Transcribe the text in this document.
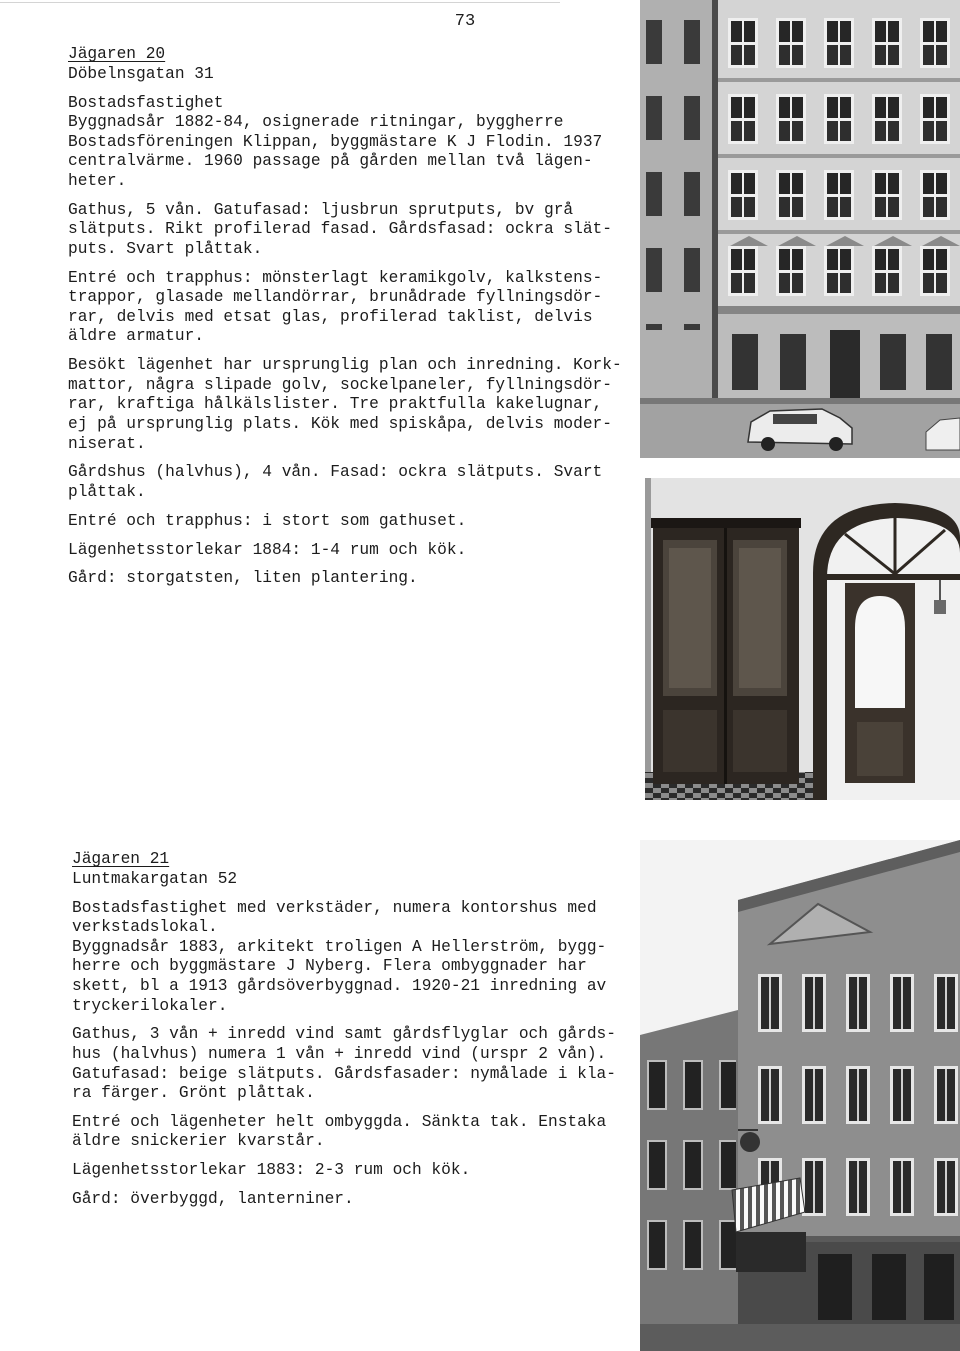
73
Jägaren 20
Döbelnsgatan 31
Bostadsfastighet
Byggnadsår 1882-84, osignerade ritningar, byggherre
Bostadsföreningen Klippan, byggmästare K J Flodin. 1937
centralvärme. 1960 passage på gården mellan två lägen-
heter.
Gathus, 5 vån. Gatufasad: ljusbrun sprutputs, bv grå
slätputs. Rikt profilerad fasad. Gårdsfasad: ockra slät-
puts. Svart plåttak.
Entré och trapphus: mönsterlagt keramikgolv, kalkstens-
trappor, glasade mellandörrar, brunådrade fyllningsdör-
rar, delvis med etsat glas, profilerad taklist, delvis
äldre armatur.
Besökt lägenhet har ursprunglig plan och inredning. Kork-
mattor, några slipade golv, sockelpaneler, fyllningsdör-
rar, kraftiga hålkälslister. Tre praktfulla kakelugnar,
ej på ursprunglig plats. Kök med spiskåpa, delvis moder-
niserat.
Gårdshus (halvhus), 4 vån. Fasad: ockra slätputs. Svart
plåttak.
Entré och trapphus: i stort som gathuset.
Lägenhetsstorlekar 1884: 1-4 rum och kök.
Gård: storgatsten, liten plantering.
Jägaren 21
Luntmakargatan 52
Bostadsfastighet med verkstäder, numera kontorshus med
verkstadslokal.
Byggnadsår 1883, arkitekt troligen A Hellerström, bygg-
herre och byggmästare J Nyberg. Flera ombyggnader har
skett, bl a 1913 gårdsöverbyggnad. 1920-21 inredning av
tryckerilokaler.
Gathus, 3 vån + inredd vind samt gårdsflyglar och gårds-
hus (halvhus) numera 1 vån + inredd vind (urspr 2 vån).
Gatufasad: beige slätputs. Gårdsfasader: nymålade i kla-
ra färger. Grönt plåttak.
Entré och lägenheter helt ombyggda. Sänkta tak. Enstaka
äldre snickerier kvarstår.
Lägenhetsstorlekar 1883: 2-3 rum och kök.
Gård: överbyggd, lanterniner.
